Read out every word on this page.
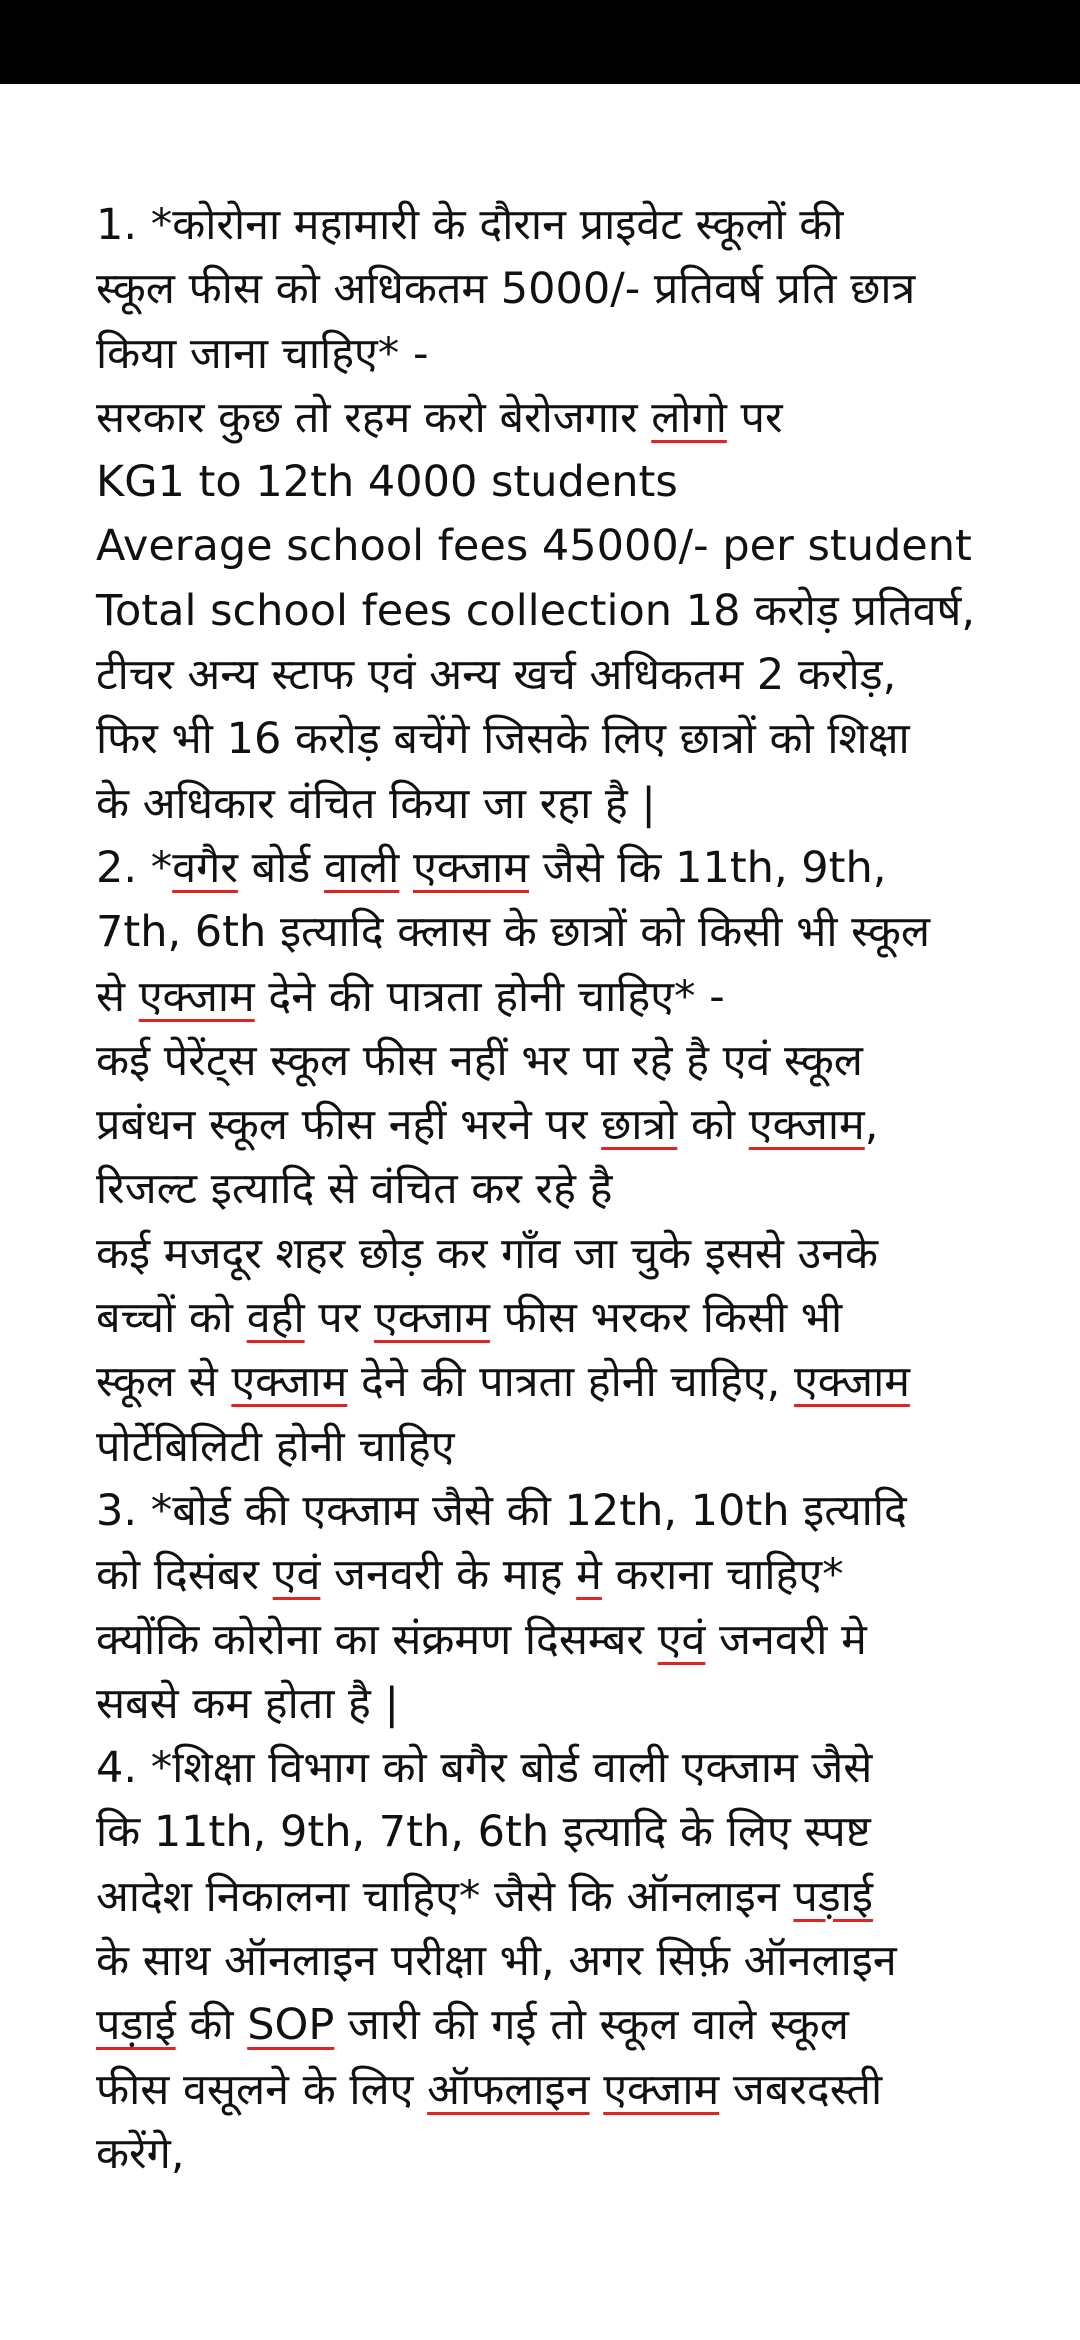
1. *कोरोना महामारी के दौरान प्राइवेट स्कूलों की

स्कूल फीस को अधिकतम 5000/- प्रतिवर्ष प्रति छात्र

किया जाना चाहिए* -

सरकार कुछ तो रहम करो बेरोजगार लोगो पर

KG1 to 12th 4000 students

Average school fees 45000/- per student

Total school fees collection 18 करोड़ प्रतिवर्ष,

टीचर अन्य स्टाफ एवं अन्य खर्च अधिकतम 2 करोड़,

फिर भी 16 करोड़ बचेंगे जिसके लिए छात्रों को शिक्षा

के अधिकार वंचित किया जा रहा है |

2. *वगैर बोर्ड वाली एक्जाम जैसे कि 11th, 9th,

7th, 6th इत्यादि क्लास के छात्रों को किसी भी स्कूल

से एक्जाम देने की पात्रता होनी चाहिए* -

कई पेरेंट्स स्कूल फीस नहीं भर पा रहे है एवं स्कूल

प्रबंधन स्कूल फीस नहीं भरने पर छात्रो को एक्जाम,

रिजल्ट इत्यादि से वंचित कर रहे है

कई मजदूर शहर छोड़ कर गाँव जा चुके इससे उनके

बच्चों को वही पर एक्जाम फीस भरकर किसी भी

स्कूल से एक्जाम देने की पात्रता होनी चाहिए, एक्जाम

पोर्टेबिलिटी होनी चाहिए

3. *बोर्ड की एक्जाम जैसे की 12th, 10th इत्यादि

को दिसंबर एवं जनवरी के माह मे कराना चाहिए*

क्योंकि कोरोना का संक्रमण दिसम्बर एवं जनवरी मे

सबसे कम होता है |

4. *शिक्षा विभाग को बगैर बोर्ड वाली एक्जाम जैसे

कि 11th, 9th, 7th, 6th इत्यादि के लिए स्पष्ट

आदेश निकालना चाहिए* जैसे कि ऑनलाइन पड़ाई

के साथ ऑनलाइन परीक्षा भी, अगर सिर्फ़ ऑनलाइन

पड़ाई की SOP जारी की गई तो स्कूल वाले स्कूल

फीस वसूलने के लिए ऑफलाइन एक्जाम जबरदस्ती

करेंगे,
